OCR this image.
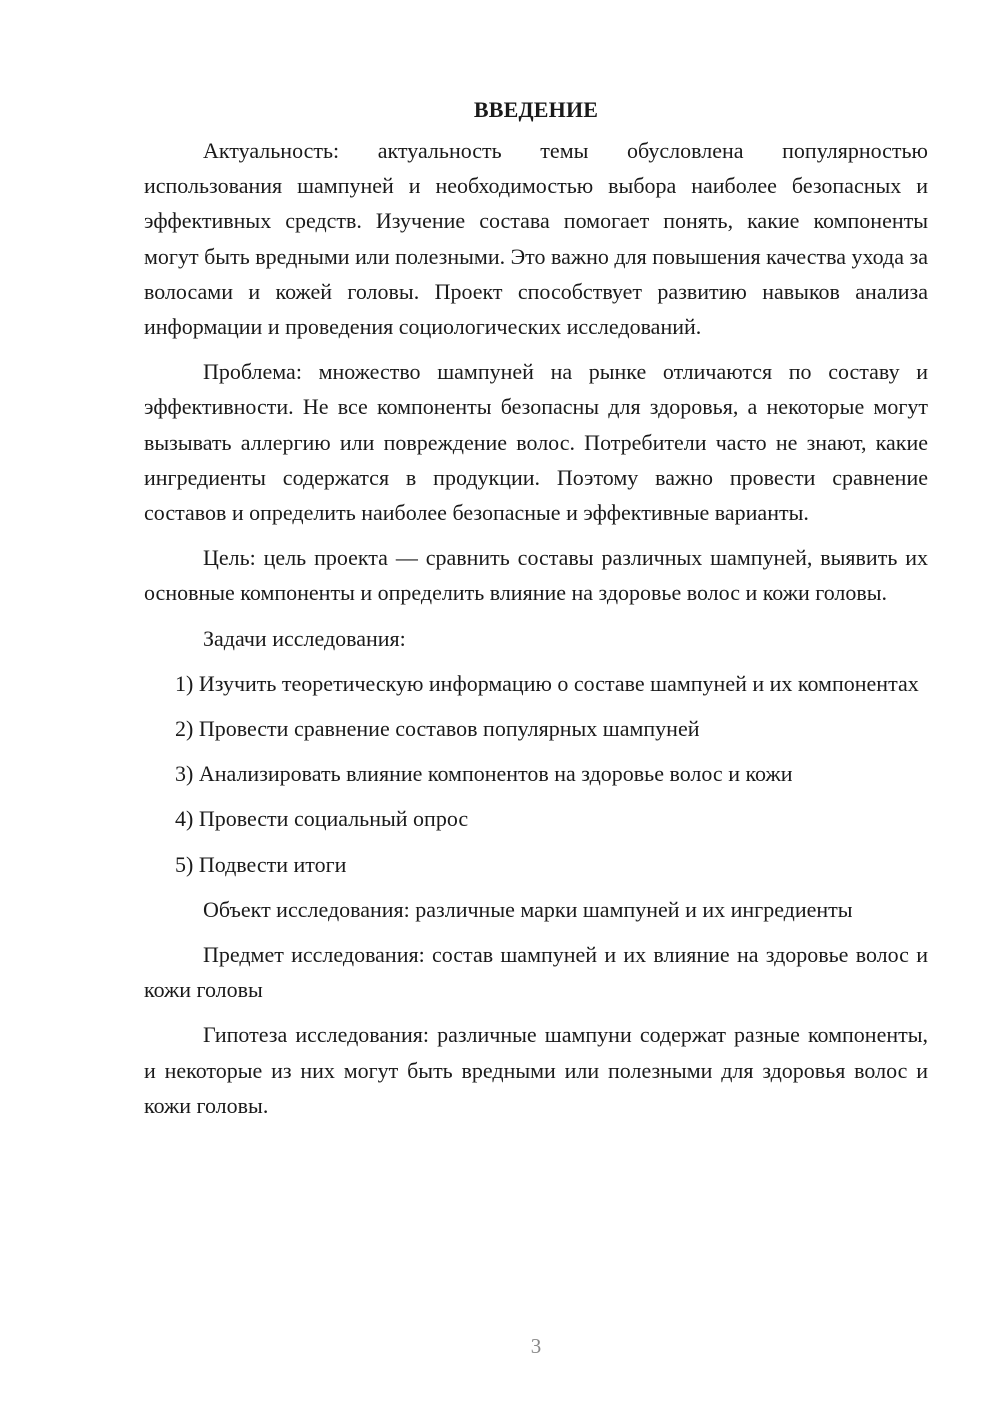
ВВЕДЕНИЕ

Актуальность: актуальность темы обусловлена популярностью использования шампуней и необходимостью выбора наиболее безопасных и эффективных средств. Изучение состава помогает понять, какие компоненты могут быть вредными или полезными. Это важно для повышения качества ухода за волосами и кожей головы. Проект способствует развитию навыков анализа информации и проведения социологических исследований.

Проблема: множество шампуней на рынке отличаются по составу и эффективности. Не все компоненты безопасны для здоровья, а некоторые могут вызывать аллергию или повреждение волос. Потребители часто не знают, какие ингредиенты содержатся в продукции. Поэтому важно провести сравнение составов и определить наиболее безопасные и эффективные варианты.

Цель: цель проекта — сравнить составы различных шампуней, выявить их основные компоненты и определить влияние на здоровье волос и кожи головы.

Задачи исследования:

1) Изучить теоретическую информацию о составе шампуней и их компонентах

2) Провести сравнение составов популярных шампуней

3) Анализировать влияние компонентов на здоровье волос и кожи

4) Провести социальный опрос

5) Подвести итоги

Объект исследования: различные марки шампуней и их ингредиенты

Предмет исследования: состав шампуней и их влияние на здоровье волос и кожи головы

Гипотеза исследования: различные шампуни содержат разные компоненты, и некоторые из них могут быть вредными или полезными для здоровья волос и кожи головы.

3
